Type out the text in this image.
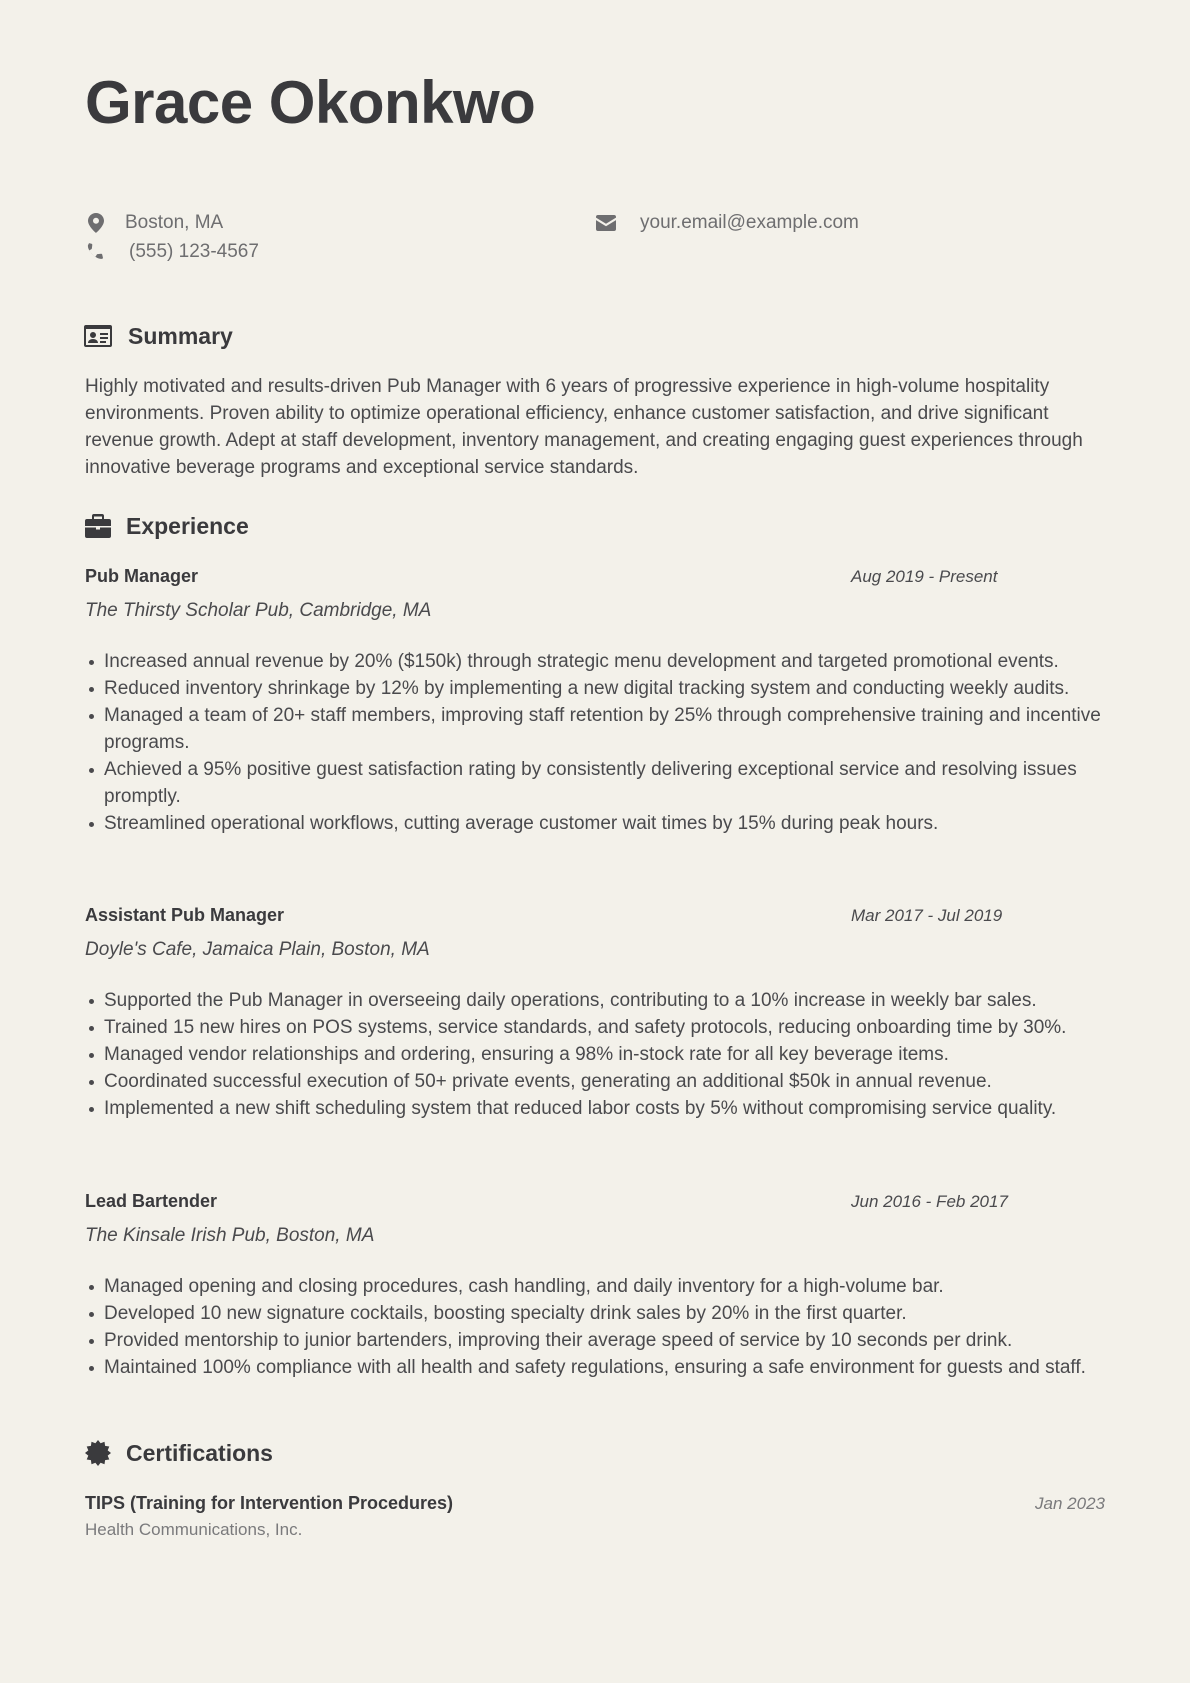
Grace Okonkwo
Boston, MA
(555) 123-4567
your.email@example.com
Summary

Highly motivated and results-driven Pub Manager with 6 years of progressive experience in high-volume hospitality environments. Proven ability to optimize operational efficiency, enhance customer satisfaction, and drive significant revenue growth. Adept at staff development, inventory management, and creating engaging guest experiences through innovative beverage programs and exceptional service standards.

Experience
Pub Manager	Aug 2019 - Present
The Thirsty Scholar Pub, Cambridge, MA
Increased annual revenue by 20% ($150k) through strategic menu development and targeted promotional events.
Reduced inventory shrinkage by 12% by implementing a new digital tracking system and conducting weekly audits.
Managed a team of 20+ staff members, improving staff retention by 25% through comprehensive training and incentive programs.
Achieved a 95% positive guest satisfaction rating by consistently delivering exceptional service and resolving issues promptly.
Streamlined operational workflows, cutting average customer wait times by 15% during peak hours.
Assistant Pub Manager	Mar 2017 - Jul 2019
Doyle's Cafe, Jamaica Plain, Boston, MA
Supported the Pub Manager in overseeing daily operations, contributing to a 10% increase in weekly bar sales.
Trained 15 new hires on POS systems, service standards, and safety protocols, reducing onboarding time by 30%.
Managed vendor relationships and ordering, ensuring a 98% in-stock rate for all key beverage items.
Coordinated successful execution of 50+ private events, generating an additional $50k in annual revenue.
Implemented a new shift scheduling system that reduced labor costs by 5% without compromising service quality.
Lead Bartender	Jun 2016 - Feb 2017
The Kinsale Irish Pub, Boston, MA
Managed opening and closing procedures, cash handling, and daily inventory for a high-volume bar.
Developed 10 new signature cocktails, boosting specialty drink sales by 20% in the first quarter.
Provided mentorship to junior bartenders, improving their average speed of service by 10 seconds per drink.
Maintained 100% compliance with all health and safety regulations, ensuring a safe environment for guests and staff.
Certifications
TIPS (Training for Intervention Procedures)
Health Communications, Inc.
Jan 2023
